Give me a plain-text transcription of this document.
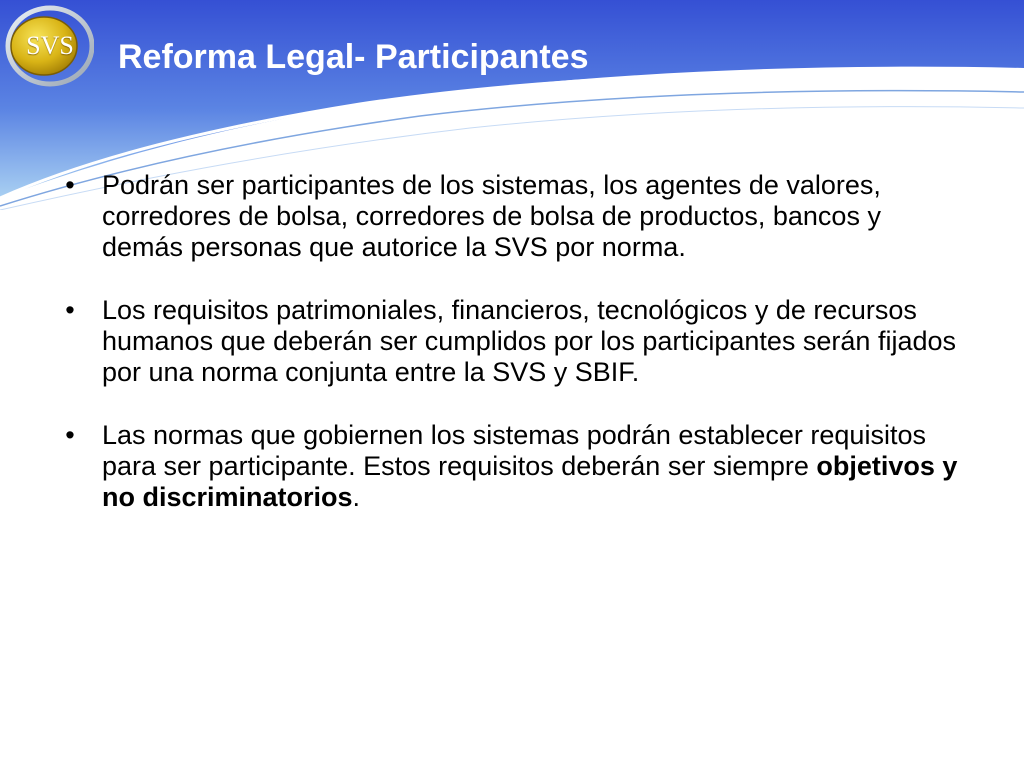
SVS	Reforma Legal- Participantes
• Podrán ser participantes de los sistemas, los agentes de valores, corredores de bolsa, corredores de bolsa de productos, bancos y demás personas que autorice la SVS por norma.
• Los requisitos patrimoniales, financieros, tecnológicos y de recursos humanos que deberán ser cumplidos por los participantes serán fijados por una norma conjunta entre la SVS y SBIF.
• Las normas que gobiernen los sistemas podrán establecer requisitos para ser participante. Estos requisitos deberán ser siempre objetivos y no discriminatorios.
